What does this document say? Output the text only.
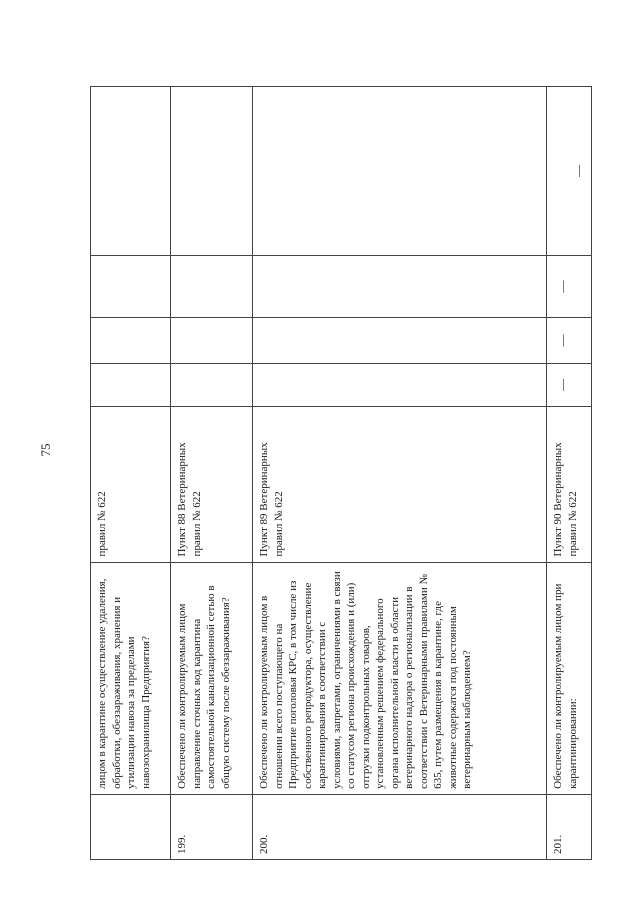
75
	лицом в карантине осуществление удаления, обработки, обеззараживания, хранения и утилизации навоза за пределами навозохранилища Предприятия?	правил № 622				
199.	Обеспечено ли контролируемым лицом направление сточных вод карантина самостоятельной канализационной сетью в общую систему после обеззараживания?	Пункт 88 Ветеринарных правил № 622				
200.	Обеспечено ли контролируемым лицом в отношении всего поступающего на Предприятие поголовья КРС, в том числе из собственного репродуктора, осуществление карантинирования в соответствии с условиями, запретами, ограничениями в связи со статусом региона происхождения и (или) отгрузки подконтрольных товаров, установленным решением федерального органа исполнительной власти в области ветеринарного надзора о регионализации в соответствии с Ветеринарными правилами № 635, путем размещения в карантине, где животные содержатся под постоянным ветеринарным наблюдением?	Пункт 89 Ветеринарных правил № 622				
201.	Обеспечено ли контролируемым лицом при карантинировании:	Пункт 90 Ветеринарных правил № 622	—	—	—	—
